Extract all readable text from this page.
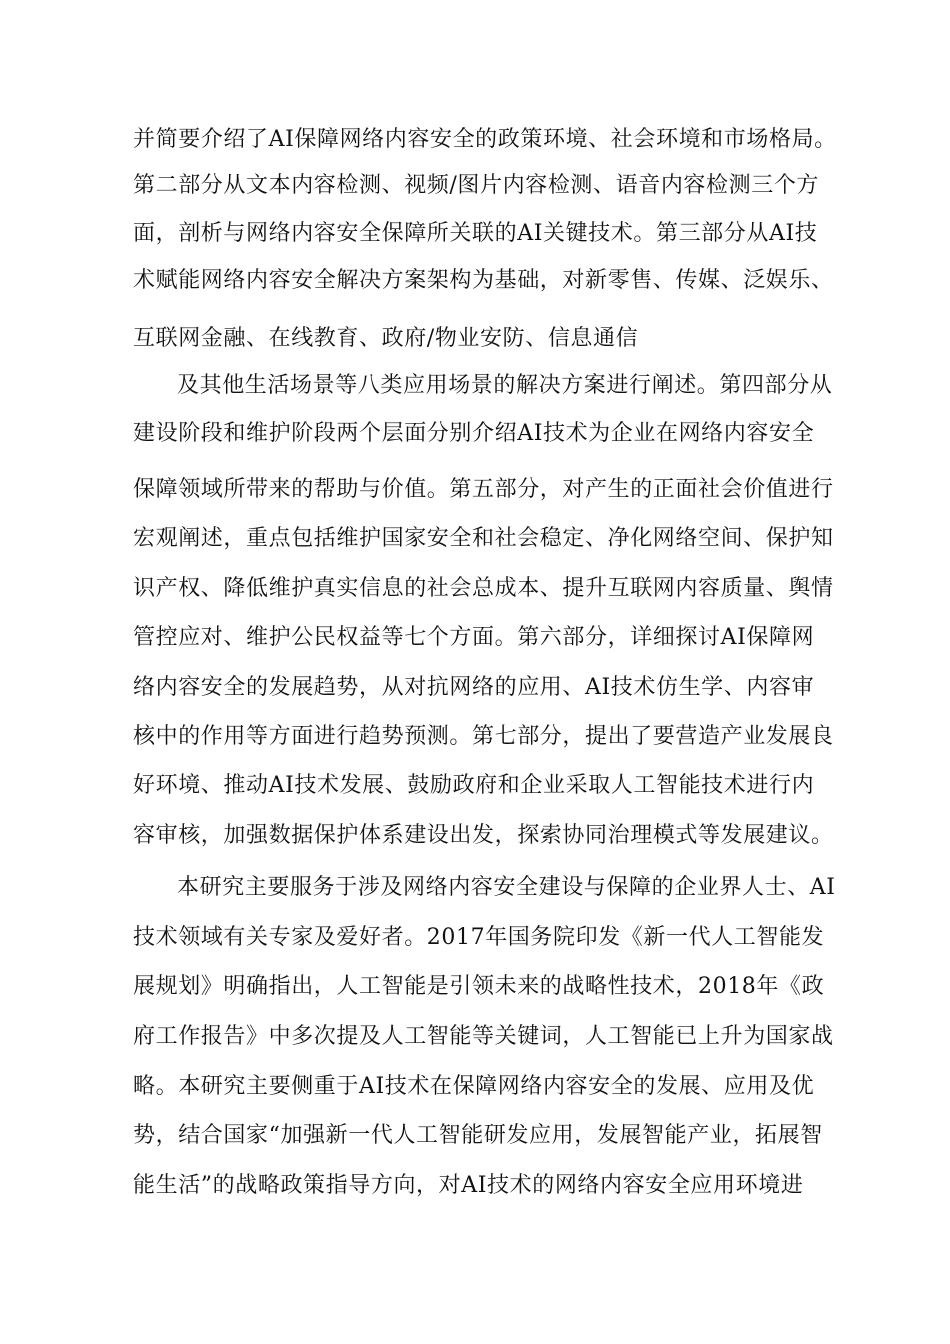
并简要介绍了AI保障网络内容安全的政策环境、社会环境和市场格局。
第二部分从文本内容检测、视频/图片内容检测、语音内容检测三个方
面，剖析与网络内容安全保障所关联的AI关键技术。第三部分从AI技
术赋能网络内容安全解决方案架构为基础，对新零售、传媒、泛娱乐、
互联网金融、在线教育、政府/物业安防、信息通信
及其他生活场景等八类应用场景的解决方案进行阐述。第四部分从
建设阶段和维护阶段两个层面分别介绍AI技术为企业在网络内容安全
保障领域所带来的帮助与价值。第五部分，对产生的正面社会价值进行
宏观阐述，重点包括维护国家安全和社会稳定、净化网络空间、保护知
识产权、降低维护真实信息的社会总成本、提升互联网内容质量、舆情
管控应对、维护公民权益等七个方面。第六部分，详细探讨AI保障网
络内容安全的发展趋势，从对抗网络的应用、AI技术仿生学、内容审
核中的作用等方面进行趋势预测。第七部分，提出了要营造产业发展良
好环境、推动AI技术发展、鼓励政府和企业采取人工智能技术进行内
容审核，加强数据保护体系建设出发，探索协同治理模式等发展建议。
本研究主要服务于涉及网络内容安全建设与保障的企业界人士、AI
技术领域有关专家及爱好者。2017年国务院印发《新一代人工智能发
展规划》明确指出，人工智能是引领未来的战略性技术，2018年《政
府工作报告》中多次提及人工智能等关键词，人工智能已上升为国家战
略。本研究主要侧重于AI技术在保障网络内容安全的发展、应用及优
势，结合国家“加强新一代人工智能研发应用，发展智能产业，拓展智
能生活”的战略政策指导方向，对AI技术的网络内容安全应用环境进
